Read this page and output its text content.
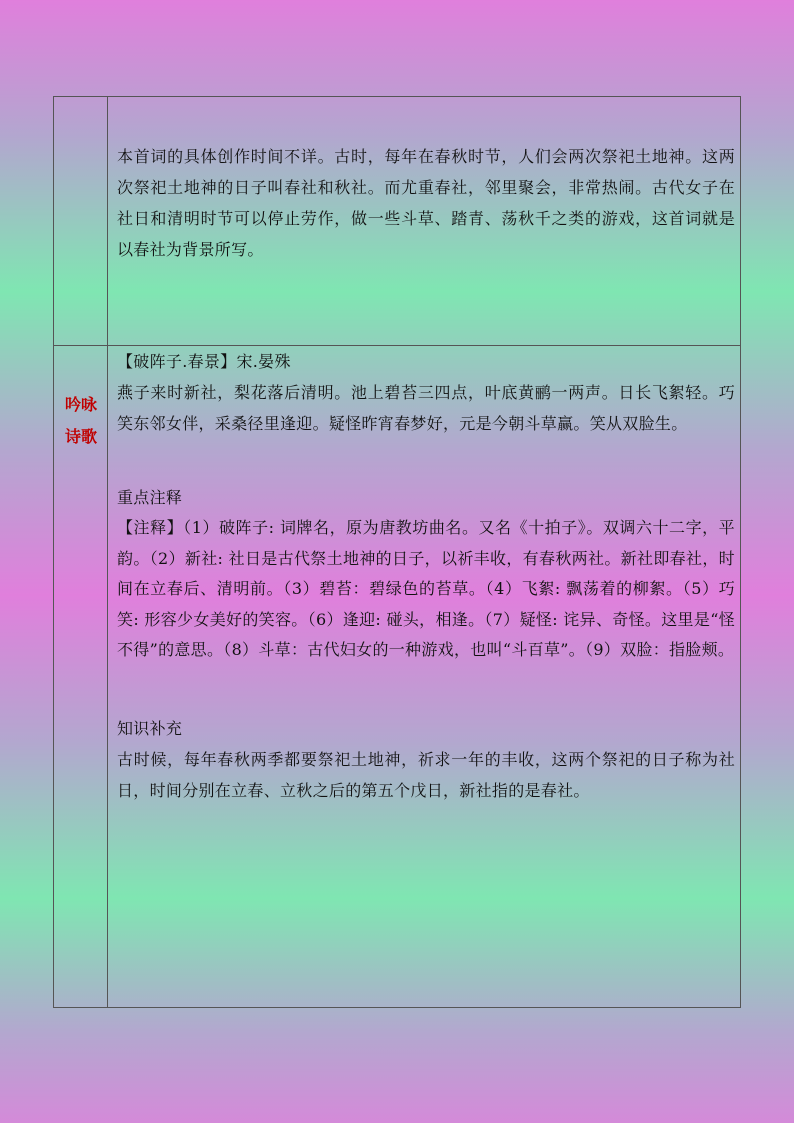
吟咏
诗歌

本首词的具体创作时间不详。古时，每年在春秋时节，人们会两次祭祀土地神。这两次祭祀土地神的日子叫春社和秋社。而尤重春社，邻里聚会，非常热闹。古代女子在社日和清明时节可以停止劳作，做一些斗草、踏青、荡秋千之类的游戏，这首词就是以春社为背景所写。

【破阵子.春景】宋.晏殊

燕子来时新社，梨花落后清明。池上碧苔三四点，叶底黄鹂一两声。日长飞絮轻。巧笑东邻女伴，采桑径里逢迎。疑怪昨宵春梦好，元是今朝斗草赢。笑从双脸生。

重点注释

【注释】（1）破阵子: 词牌名，原为唐教坊曲名。又名《十拍子》。双调六十二字，平韵。（2）新社: 社日是古代祭土地神的日子，以祈丰收，有春秋两社。新社即春社，时间在立春后、清明前。（3）碧苔：碧绿色的苔草。（4）飞絮: 飘荡着的柳絮。（5）巧笑: 形容少女美好的笑容。（6）逢迎: 碰头，相逢。（7）疑怪: 诧异、奇怪。这里是“怪不得”的意思。（8）斗草：古代妇女的一种游戏，也叫“斗百草”。（9）双脸：指脸颊。

知识补充

古时候，每年春秋两季都要祭祀土地神，祈求一年的丰收，这两个祭祀的日子称为社日，时间分别在立春、立秋之后的第五个戊日，新社指的是春社。
